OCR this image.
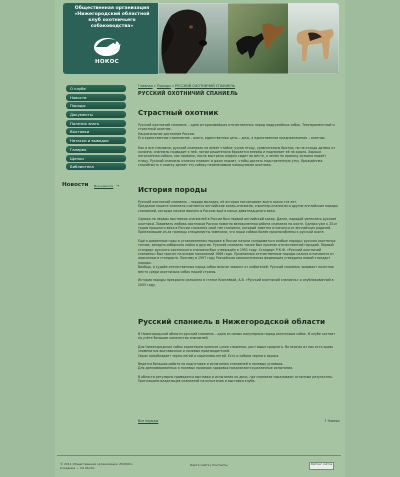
Общественная организация «Нижегородский областной клуб охотничьего собаководства»
НОКОС
О клубе
Новости
Породы
Документы
Полезно знать
Выставки
Натаски и выводки
Галерея
Щенки
Библиотека
Новости Все новости →
Главная » Породы » РУССКИЙ ОХОТНИЧИЙ СПАНИЕЛЬ
РУССКИЙ ОХОТНИЧИЙ СПАНИЕЛЬ
Страстный охотник

Русский охотничий спаниель – одна из красивейших отечественных пород подружейных собак. Темпераментный и страстный охотник.

Национальное достояние России.

Его единственное стремление – охота, единственная цель – дичь, а единственное предназначение – охотник.

Как и все спаниели, русский спаниель не имеет стойки: учуяв птицу, сравнительно быстро, но не отходя далеко от хозяина, спаниель подводит к ней, потом решительно бросается вперёд и поднимает её на крыло. Хорошо натасканная собака, как правило, после выстрела смирно сидит на месте, а затем по приказу хозяина подаёт птицу. Русский спаниель отлично плавает и даже ныряет, чтобы достать подстреленную утку. Врождённая способность к поиску делает эту собаку незаменимым помощником охотника.

История породы

Русский охотничий спаниель – порода молодая, её история насчитывает всего около ста лет.

Предками нашего спаниеля считаются английские кокер-спаниели, спрингер-спаниели и другие английские породы спаниелей, которые начали ввозить в Россию ещё в конце девятнадцатого века.

Однако на первых выставках спаниелей в России был первый английский кокер. Далее, породой увлеклись русские охотники. Завоевать любовь охотников России помогла великолепная работа спаниеля на охоте. Однако уже к 20-м годам прошлого века в России сложился свой тип спаниеля, который заметно отличался от английских родичей. Приезжавшие из-за границы специалисты замечали, что наши собаки более приспособлены к русской охоте.

Ещё в довоенные годы в установленном порядке в России начали складываться особые породы: русская охотничья гончая, западно-сибирская лайка и другие. Русский спаниель также был признан отечественной породой. Первый стандарт русского охотничьего спаниеля был утверждён в 1951 году. Стандарт Р.К.Ф. «Русский охотничий спаниель» был принят на основе положений 1966 года. Признанные отечественные породы сильно отличаются от описанных в стандарте. Поэтому в 1997 году Российская кинологическая федерация утвердила новый стандарт породы.

Вообще, в судьбе отечественных пород собак многое зависит от любителей. Русский спаниель занимает почетное место среди охотничьих собак нашей страны.

История породы прекрасно изложена в статье Киселёвой, А.В. «Русский охотничий спаниель» и опубликованной в 2005 году.

Русский спаниель в Нижегородской области

В Нижегородской области русский спаниель – одна из самых популярных пород охотничьих собак. В клубе состоит на учёте большое количество спаниелей.

Для Нижегородских собак характерно крепкое сухое сложение, рост выше среднего. Во многих из них есть кровь знаменитых выставочных и полевых производителей.

Окрас преобладает черно-пегий и коричнево-пегий. Есть и собаки черного окраса.

Ведется большая работа по подготовке и испытанию спаниелей в полевых условиях.

Для дипломированных и полевых проверок здоровья предлагаются различные испытания.

В области регулярно проводятся выставки и испытания по дичи, где спаниели показывают отличные результаты. Приглашаем владельцев спаниелей на испытания и выставки клуба.

Все породы	↑ Наверх
© 2011 Общественная организация «НОКОС»
Создание — Oz Studio
Карта сайта | Контакты	Рейтинг сайтов
